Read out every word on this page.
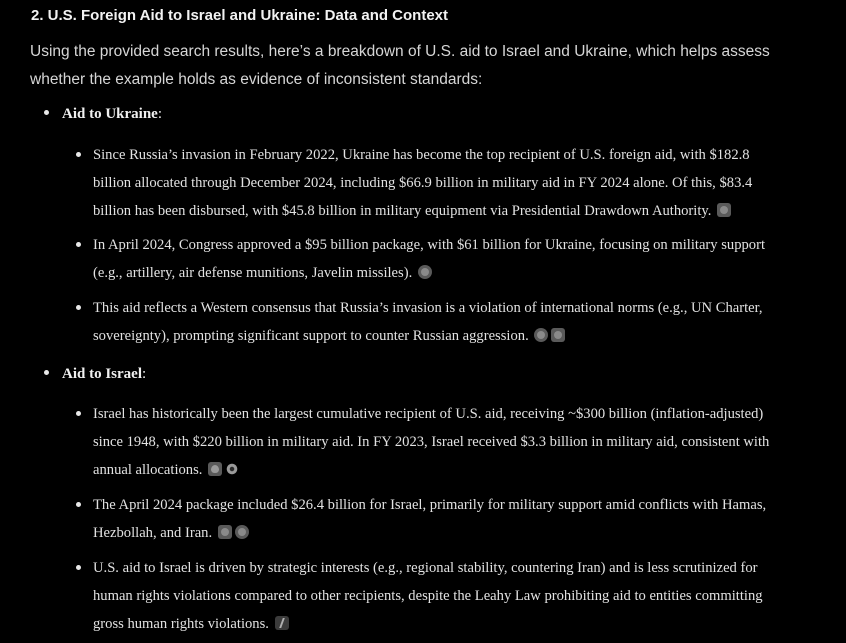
2. U.S. Foreign Aid to Israel and Ukraine: Data and Context
Using the provided search results, here’s a breakdown of U.S. aid to Israel and Ukraine, which helps assess whether the example holds as evidence of inconsistent standards:
Aid to Ukraine:
Since Russia’s invasion in February 2022, Ukraine has become the top recipient of U.S. foreign aid, with $182.8 billion allocated through December 2024, including $66.9 billion in military aid in FY 2024 alone. Of this, $83.4 billion has been disbursed, with $45.8 billion in military equipment via Presidential Drawdown Authority.
In April 2024, Congress approved a $95 billion package, with $61 billion for Ukraine, focusing on military support (e.g., artillery, air defense munitions, Javelin missiles).
This aid reflects a Western consensus that Russia’s invasion is a violation of international norms (e.g., UN Charter, sovereignty), prompting significant support to counter Russian aggression.
Aid to Israel:
Israel has historically been the largest cumulative recipient of U.S. aid, receiving ~$300 billion (inflation-adjusted) since 1948, with $220 billion in military aid. In FY 2023, Israel received $3.3 billion in military aid, consistent with annual allocations.
The April 2024 package included $26.4 billion for Israel, primarily for military support amid conflicts with Hamas, Hezbollah, and Iran.
U.S. aid to Israel is driven by strategic interests (e.g., regional stability, countering Iran) and is less scrutinized for human rights violations compared to other recipients, despite the Leahy Law prohibiting aid to entities committing gross human rights violations.
